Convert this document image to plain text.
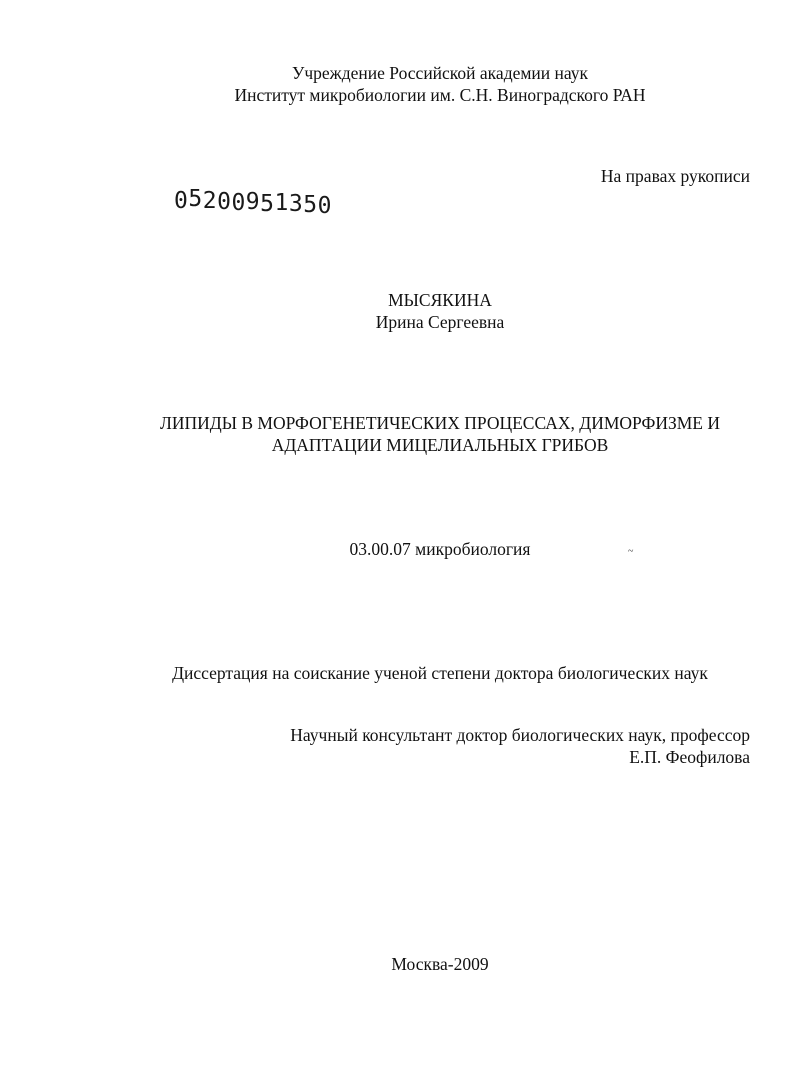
Учреждение Российской академии наук
Институт микробиологии им. С.Н. Виноградского РАН
На правах рукописи
05200951350
МЫСЯКИНА
Ирина Сергеевна
ЛИПИДЫ В МОРФОГЕНЕТИЧЕСКИХ ПРОЦЕССАХ, ДИМОРФИЗМЕ И
АДАПТАЦИИ МИЦЕЛИАЛЬНЫХ ГРИБОВ
03.00.07 микробиология	~
Диссертация на соискание ученой степени доктора биологических наук
Научный консультант доктор биологических наук, профессор
Е.П. Феофилова
Москва-2009
